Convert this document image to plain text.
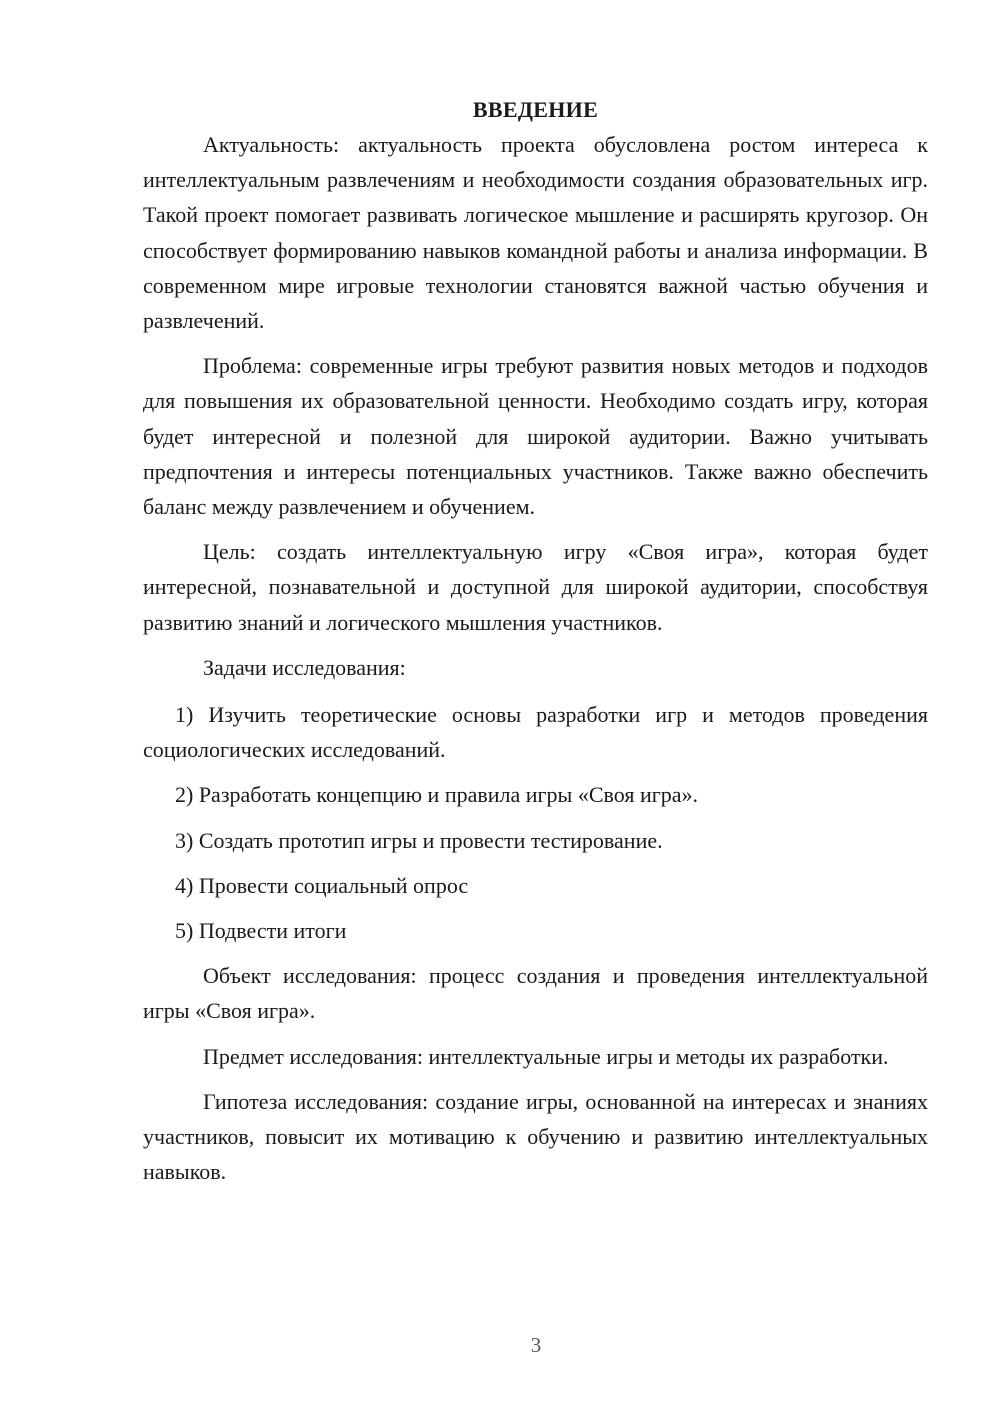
ВВЕДЕНИЕ

Актуальность: актуальность проекта обусловлена ростом интереса к интеллектуальным развлечениям и необходимости создания образовательных игр. Такой проект помогает развивать логическое мышление и расширять кругозор. Он способствует формированию навыков командной работы и анализа информации. В современном мире игровые технологии становятся важной частью обучения и развлечений.

Проблема: современные игры требуют развития новых методов и подходов для повышения их образовательной ценности. Необходимо создать игру, которая будет интересной и полезной для широкой аудитории. Важно учитывать предпочтения и интересы потенциальных участников. Также важно обеспечить баланс между развлечением и обучением.

Цель: создать интеллектуальную игру «Своя игра», которая будет интересной, познавательной и доступной для широкой аудитории, способствуя развитию знаний и логического мышления участников.

Задачи исследования:

1) Изучить теоретические основы разработки игр и методов проведения социологических исследований.

2) Разработать концепцию и правила игры «Своя игра».

3) Создать прототип игры и провести тестирование.

4) Провести социальный опрос

5) Подвести итоги

Объект исследования: процесс создания и проведения интеллектуальной игры «Своя игра».

Предмет исследования: интеллектуальные игры и методы их разработки.

Гипотеза исследования: создание игры, основанной на интересах и знаниях участников, повысит их мотивацию к обучению и развитию интеллектуальных навыков.

3
